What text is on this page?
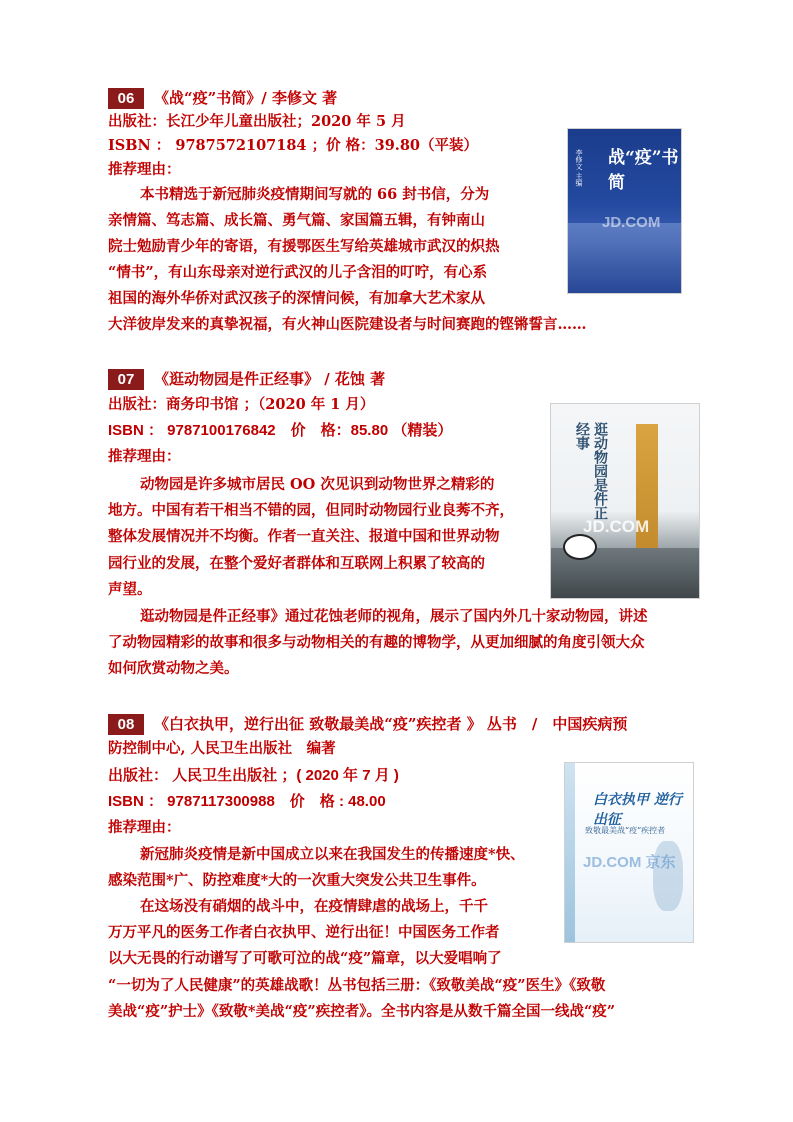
06 《战“疫”书简》/ 李修文 著
出版社：长江少年儿童出版社；2020 年 5 月
ISBN ： 9787572107184 ；价 格：39.80（平装）
推荐理由：
本书精选于新冠肺炎疫情期间写就的 66 封书信，分为
亲情篇、笃志篇、成长篇、勇气篇、家国篇五辑，有钟南山
院士勉励青少年的寄语，有援鄂医生写给英雄城市武汉的炽热
“情书”，有山东母亲对逆行武汉的儿子含泪的叮咛，有心系
祖国的海外华侨对武汉孩子的深情问候，有加拿大艺术家从
大洋彼岸发来的真挚祝福，有火神山医院建设者与时间赛跑的铿锵誓言……
战“疫”书简
李修文 主编
JD.COM
07 《逛动物园是件正经事》 / 花蚀 著
出版社：商务印书馆 ；（2020 年 1 月）
ISBN ： 9787100176842　价　格：85.80 （精装）
推荐理由：
动物园是许多城市居民 OO 次见识到动物世界之精彩的
地方。中国有若干相当不错的园，但同时动物园行业良莠不齐，
整体发展情况并不均衡。作者一直关注、报道中国和世界动物
园行业的发展，在整个爱好者群体和互联网上积累了较高的
声望。
逛动物园是件正经事》通过花蚀老师的视角，展示了国内外几十家动物园，讲述
了动物园精彩的故事和很多与动物相关的有趣的博物学，从更加细腻的角度引领大众
如何欣赏动物之美。
逛动物园是件正经事
JD.COM
08 《白衣执甲，逆行出征 致敬最美战“疫”疾控者 》 丛书　/　中国疾病预
防控制中心, 人民卫生出版社　编著
出版社： 人民卫生出版社 ；( 2020 年 7 月 )
ISBN ： 9787117300988　价　格 : 48.00
推荐理由：
新冠肺炎疫情是新中国成立以来在我国发生的传播速度*快、
感染范围*广、防控难度*大的一次重大突发公共卫生事件。
在这场没有硝烟的战斗中，在疫情肆虐的战场上，千千
万万平凡的医务工作者白衣执甲、逆行出征！中国医务工作者
以大无畏的行动谱写了可歌可泣的战“疫”篇章，以大爱唱响了
“一切为了人民健康”的英雄战歌！丛书包括三册：《致敬美战“疫”医生》《致敬
美战“疫”护士》《致敬*美战“疫”疾控者》。全书内容是从数千篇全国一线战“疫”
白衣执甲 逆行出征
致敬最美战“疫”疾控者
JD.COM 京东
